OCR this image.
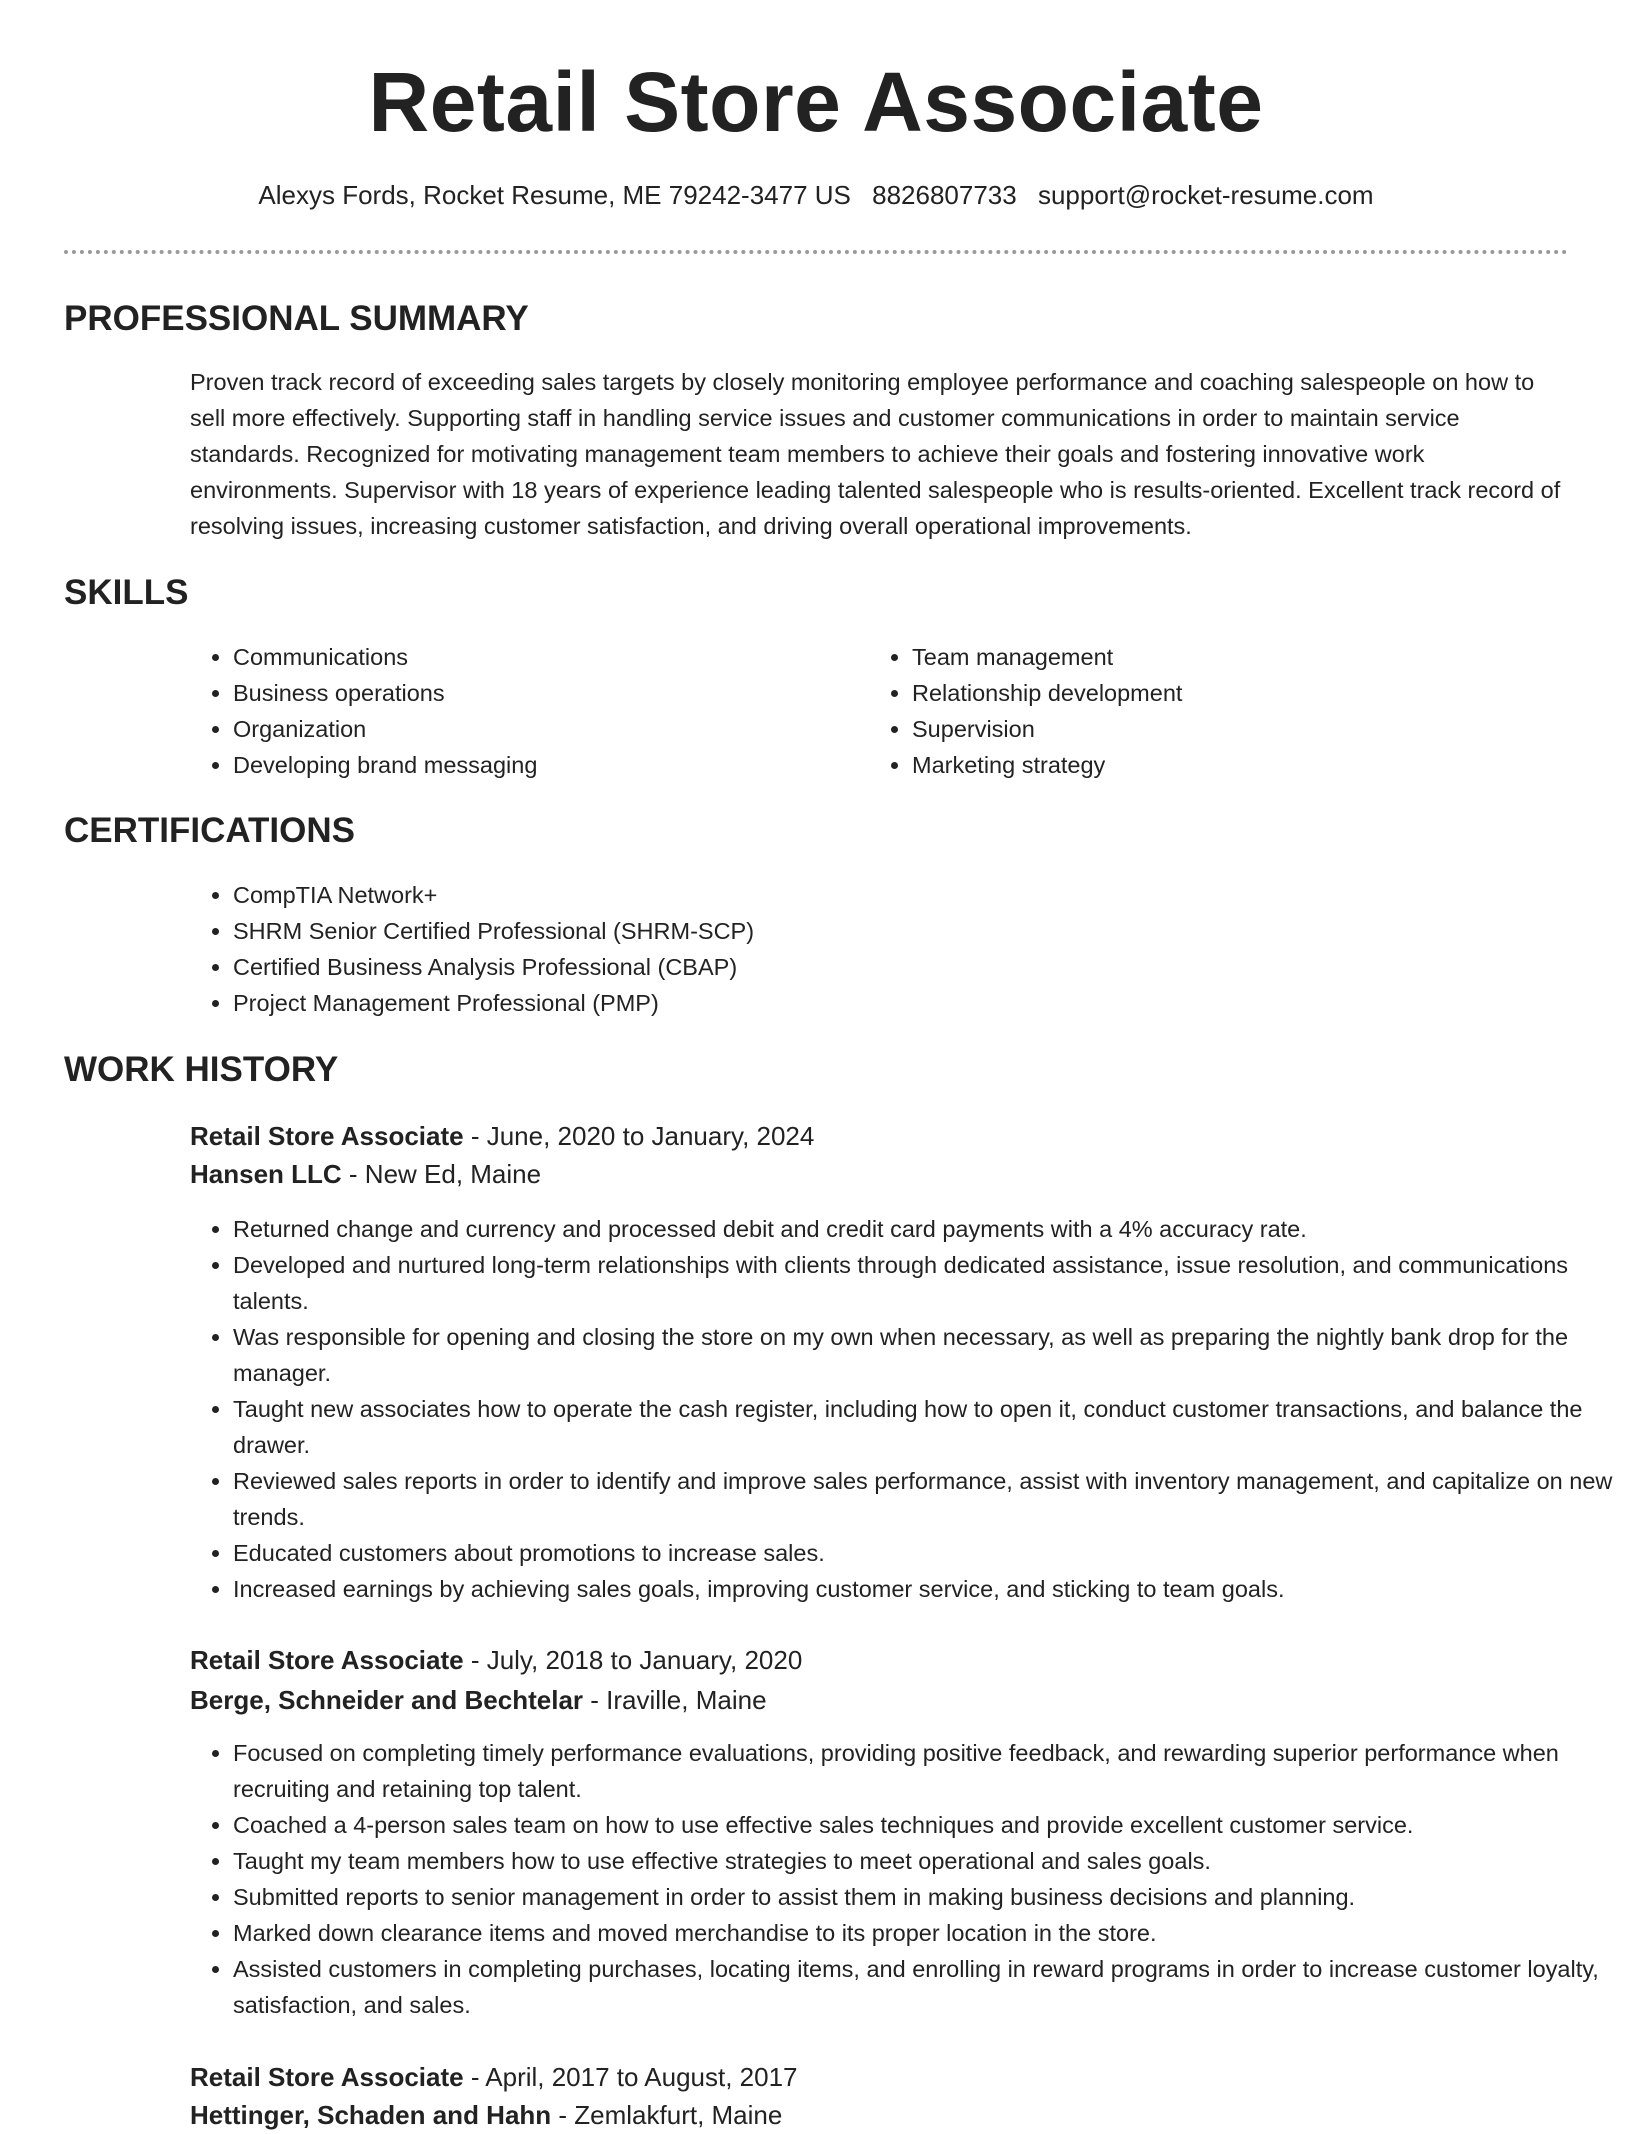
Retail Store Associate
Alexys Fords, Rocket Resume, ME 79242-3477 US 8826807733 support@rocket-resume.com
PROFESSIONAL SUMMARY

Proven track record of exceeding sales targets by closely monitoring employee performance and coaching salespeople on how to sell more effectively. Supporting staff in handling service issues and customer communications in order to maintain service standards. Recognized for motivating management team members to achieve their goals and fostering innovative work environments. Supervisor with 18 years of experience leading talented salespeople who is results-oriented. Excellent track record of resolving issues, increasing customer satisfaction, and driving overall operational improvements.

SKILLS
• Communications
• Business operations
• Organization
• Developing brand messaging
• Team management
• Relationship development
• Supervision
• Marketing strategy
CERTIFICATIONS
• CompTIA Network+
• SHRM Senior Certified Professional (SHRM-SCP)
• Certified Business Analysis Professional (CBAP)
• Project Management Professional (PMP)
WORK HISTORY
Retail Store Associate - June, 2020 to January, 2024
Hansen LLC - New Ed, Maine
• Returned change and currency and processed debit and credit card payments with a 4% accuracy rate.
• Developed and nurtured long-term relationships with clients through dedicated assistance, issue resolution, and communications talents.
• Was responsible for opening and closing the store on my own when necessary, as well as preparing the nightly bank drop for the manager.
• Taught new associates how to operate the cash register, including how to open it, conduct customer transactions, and balance the drawer.
• Reviewed sales reports in order to identify and improve sales performance, assist with inventory management, and capitalize on new trends.
• Educated customers about promotions to increase sales.
• Increased earnings by achieving sales goals, improving customer service, and sticking to team goals.
Retail Store Associate - July, 2018 to January, 2020
Berge, Schneider and Bechtelar - Iraville, Maine
• Focused on completing timely performance evaluations, providing positive feedback, and rewarding superior performance when recruiting and retaining top talent.
• Coached a 4-person sales team on how to use effective sales techniques and provide excellent customer service.
• Taught my team members how to use effective strategies to meet operational and sales goals.
• Submitted reports to senior management in order to assist them in making business decisions and planning.
• Marked down clearance items and moved merchandise to its proper location in the store.
• Assisted customers in completing purchases, locating items, and enrolling in reward programs in order to increase customer loyalty, satisfaction, and sales.
Retail Store Associate - April, 2017 to August, 2017
Hettinger, Schaden and Hahn - Zemlakfurt, Maine
